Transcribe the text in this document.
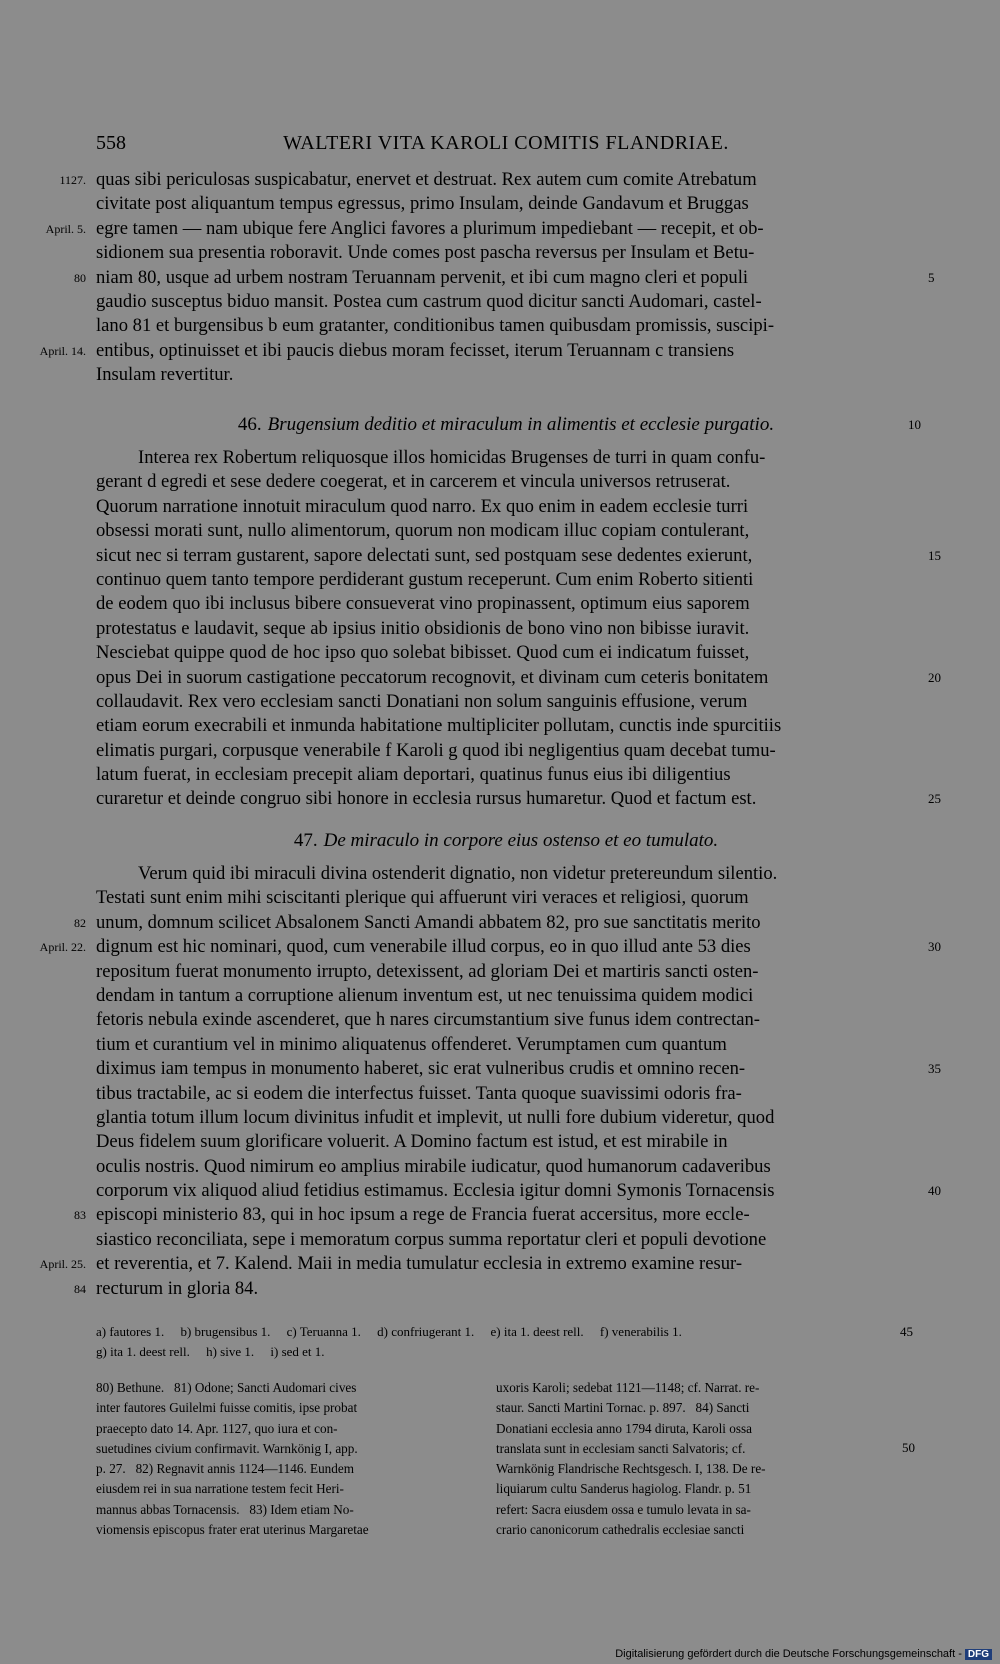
558	WALTERI VITA KAROLI COMITIS FLANDRIAE.
1127. quas sibi periculosas suspicabatur, enervet et destruat. Rex autem cum comite Atrebatum
civitate post aliquantum tempus egressus, primo Insulam, deinde Gandavum et Bruggas
April. 5. egre tamen — nam ubique fere Anglici favores a plurimum impediebant — recepit, et ob-
sidionem sua presentia roboravit. Unde comes post pascha reversus per Insulam et Betu-
80 niam 80, usque ad urbem nostram Teruannam pervenit, et ibi cum magno cleri et populi	5
gaudio susceptus biduo mansit. Postea cum castrum quod dicitur sancti Audomari, castel-
lano 81 et burgensibus b eum gratanter, conditionibus tamen quibusdam promissis, suscipi-
April. 14. entibus, optinuisset et ibi paucis diebus moram fecisset, iterum Teruannam c transiens
Insulam revertitur.
46. Brugensium deditio et miraculum in alimentis et ecclesie purgatio.	10
Interea rex Robertum reliquosque illos homicidas Brugenses de turri in quam confu-
gerant d egredi et sese dedere coegerat, et in carcerem et vincula universos retruserat.
Quorum narratione innotuit miraculum quod narro. Ex quo enim in eadem ecclesie turri
obsessi morati sunt, nullo alimentorum, quorum non modicam illuc copiam contulerant,
sicut nec si terram gustarent, sapore delectati sunt, sed postquam sese dedentes exierunt,	15
continuo quem tanto tempore perdiderant gustum receperunt. Cum enim Roberto sitienti
de eodem quo ibi inclusus bibere consueverat vino propinassent, optimum eius saporem
protestatus e laudavit, seque ab ipsius initio obsidionis de bono vino non bibisse iuravit.
Nesciebat quippe quod de hoc ipso quo solebat bibisset. Quod cum ei indicatum fuisset,
opus Dei in suorum castigatione peccatorum recognovit, et divinam cum ceteris bonitatem	20
collaudavit. Rex vero ecclesiam sancti Donatiani non solum sanguinis effusione, verum
etiam eorum execrabili et inmunda habitatione multipliciter pollutam, cunctis inde spurcitiis
elimatis purgari, corpusque venerabile f Karoli g quod ibi negligentius quam decebat tumu-
latum fuerat, in ecclesiam precepit aliam deportari, quatinus funus eius ibi diligentius
curaretur et deinde congruo sibi honore in ecclesia rursus humaretur. Quod et factum est.	25
47. De miraculo in corpore eius ostenso et eo tumulato.
Verum quid ibi miraculi divina ostenderit dignatio, non videtur pretereundum silentio.
Testati sunt enim mihi sciscitanti plerique qui affuerunt viri veraces et religiosi, quorum
82 unum, domnum scilicet Absalonem Sancti Amandi abbatem 82, pro sue sanctitatis merito
April. 22. dignum est hic nominari, quod, cum venerabile illud corpus, eo in quo illud ante 53 dies	30
repositum fuerat monumento irrupto, detexissent, ad gloriam Dei et martiris sancti osten-
dendam in tantum a corruptione alienum inventum est, ut nec tenuissima quidem modici
fetoris nebula exinde ascenderet, que h nares circumstantium sive funus idem contrectan-
tium et curantium vel in minimo aliquatenus offenderet. Verumptamen cum quantum
diximus iam tempus in monumento haberet, sic erat vulneribus crudis et omnino recen-	35
tibus tractabile, ac si eodem die interfectus fuisset. Tanta quoque suavissimi odoris fra-
glantia totum illum locum divinitus infudit et implevit, ut nulli fore dubium videretur, quod
Deus fidelem suum glorificare voluerit. A Domino factum est istud, et est mirabile in
oculis nostris. Quod nimirum eo amplius mirabile iudicatur, quod humanorum cadaveribus
corporum vix aliquod aliud fetidius estimamus. Ecclesia igitur domni Symonis Tornacensis	40
83 episcopi ministerio 83, qui in hoc ipsum a rege de Francia fuerat accersitus, more eccle-
siastico reconciliata, sepe i memoratum corpus summa reportatur cleri et populi devotione
April. 25. et reverentia, et 7. Kalend. Maii in media tumulatur ecclesia in extremo examine resur-
84 recturum in gloria 84.
a) fautores 1.     b) brugensibus 1.     c) Teruanna 1.     d) confriugerant 1.     e) ita 1. deest rell.     f) venerabilis 1.
g) ita 1. deest rell.     h) sive 1.     i) sed et 1.
45
80) Bethune.   81) Odone; Sancti Audomari cives
inter fautores Guilelmi fuisse comitis, ipse probat
praecepto dato 14. Apr. 1127, quo iura et con-
suetudines civium confirmavit. Warnkönig I, app.
p. 27.   82) Regnavit annis 1124—1146. Eundem
eiusdem rei in sua narratione testem fecit Heri-
mannus abbas Tornacensis.   83) Idem etiam No-
viomensis episcopus frater erat uterinus Margaretae
uxoris Karoli; sedebat 1121—1148; cf. Narrat. re-
staur. Sancti Martini Tornac. p. 897.   84) Sancti
Donatiani ecclesia anno 1794 diruta, Karoli ossa
translata sunt in ecclesiam sancti Salvatoris; cf.
Warnkönig Flandrische Rechtsgesch. I, 138. De re-
liquiarum cultu Sanderus hagiolog. Flandr. p. 51
refert: Sacra eiusdem ossa e tumulo levata in sa-
crario canonicorum cathedralis ecclesiae sancti
50
Digitalisierung gefördert durch die Deutsche Forschungsgemeinschaft - DFG
